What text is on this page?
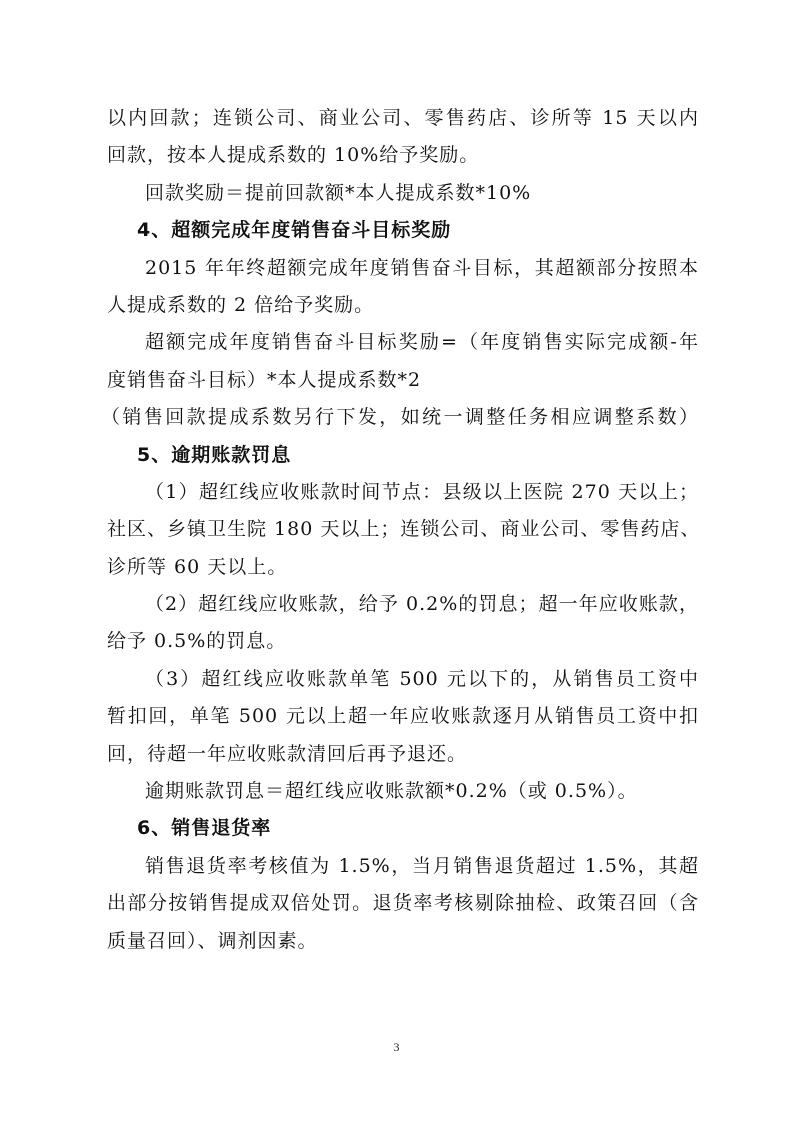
以内回款；连锁公司、商业公司、零售药店、诊所等 15 天以内
回款，按本人提成系数的 10%给予奖励。
回款奖励＝提前回款额*本人提成系数*10%
4、超额完成年度销售奋斗目标奖励
2015 年年终超额完成年度销售奋斗目标，其超额部分按照本
人提成系数的 2 倍给予奖励。
超额完成年度销售奋斗目标奖励=（年度销售实际完成额-年
度销售奋斗目标）*本人提成系数*2
（销售回款提成系数另行下发，如统一调整任务相应调整系数）
5、逾期账款罚息
（1）超红线应收账款时间节点：县级以上医院 270 天以上；
社区、乡镇卫生院 180 天以上；连锁公司、商业公司、零售药店、
诊所等 60 天以上。
（2）超红线应收账款，给予 0.2%的罚息；超一年应收账款，
给予 0.5%的罚息。
（3）超红线应收账款单笔 500 元以下的，从销售员工资中
暂扣回，单笔 500 元以上超一年应收账款逐月从销售员工资中扣
回，待超一年应收账款清回后再予退还。
逾期账款罚息＝超红线应收账款额*0.2%（或 0.5%）。
6、销售退货率
销售退货率考核值为 1.5%，当月销售退货超过 1.5%，其超
出部分按销售提成双倍处罚。退货率考核剔除抽检、政策召回（含
质量召回）、调剂因素。
3
